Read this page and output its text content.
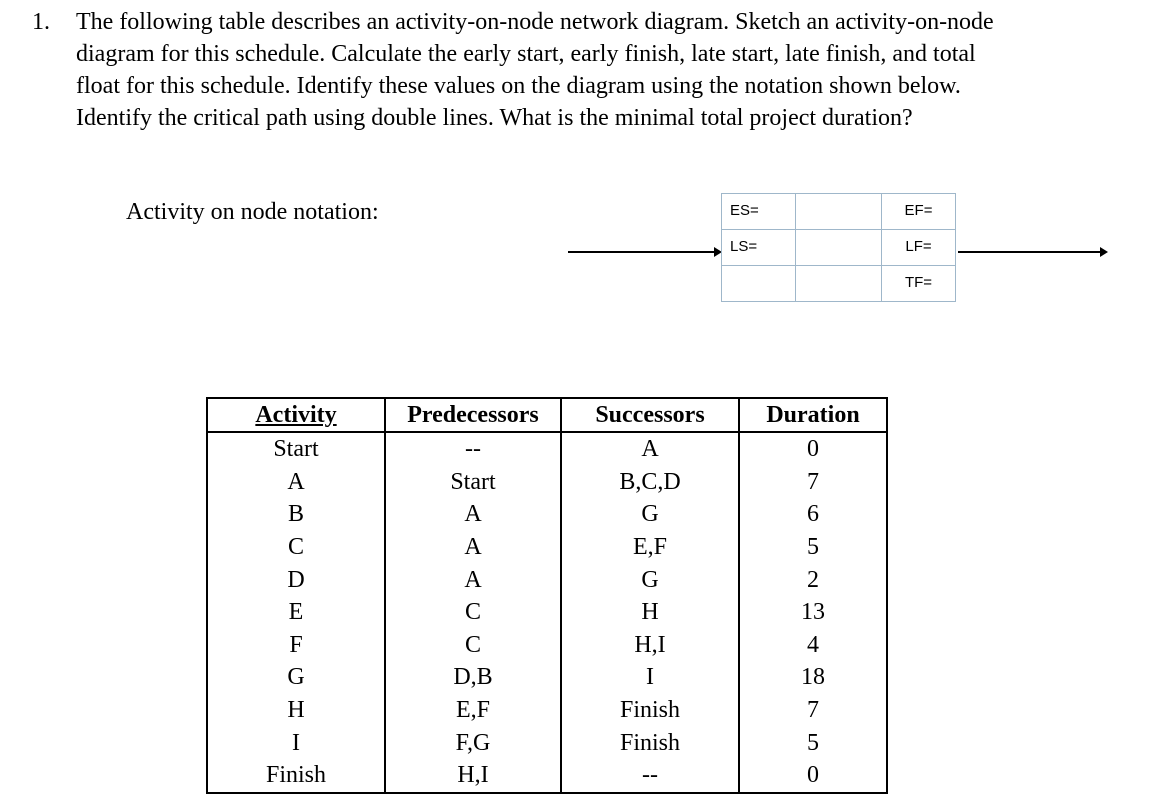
1. The following table describes an activity-on-node network diagram. Sketch an activity-on-node

diagram for this schedule. Calculate the early start, early finish, late start, late finish, and total

float for this schedule. Identify these values on the diagram using the notation shown below.

Identify the critical path using double lines. What is the minimal total project duration?

Activity on node notation:	ES=	EF=
LS=	LF=
TF=
Activity	Predecessors	Successors	Duration
Start	--	A	0
A	Start	B,C,D	7
B	A	G	6
C	A	E,F	5
D	A	G	2
E	C	H	13
F	C	H,I	4
G	D,B	I	18
H	E,F	Finish	7
I	F,G	Finish	5
Finish	H,I	--	0
